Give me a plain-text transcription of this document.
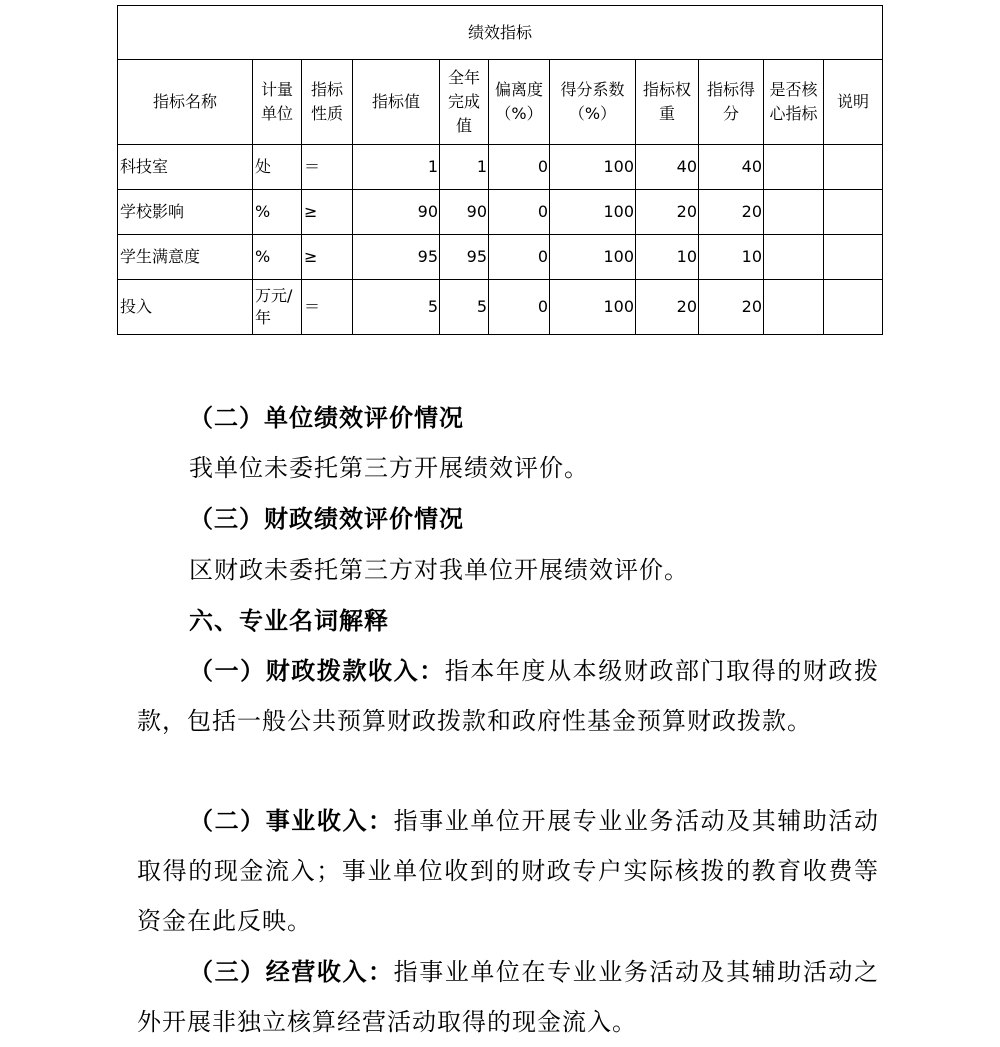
绩效指标										
指标名称	计量单位	指标性质	指标值	全年完成值	偏离度（%）	得分系数（%）	指标权重	指标得分	是否核心指标	说明
科技室	处	＝	1	1	0	100	40	40		
学校影响	%	≥	90	90	0	100	20	20		
学生满意度	%	≥	95	95	0	100	10	10		
投入	万元/年	＝	5	5	0	100	20	20		
（二）单位绩效评价情况
我单位未委托第三方开展绩效评价。
（三）财政绩效评价情况
区财政未委托第三方对我单位开展绩效评价。
六、专业名词解释
（一）财政拨款收入：指本年度从本级财政部门取得的财政拨款，包括一般公共预算财政拨款和政府性基金预算财政拨款。
（二）事业收入：指事业单位开展专业业务活动及其辅助活动取得的现金流入；事业单位收到的财政专户实际核拨的教育收费等资金在此反映。
（三）经营收入：指事业单位在专业业务活动及其辅助活动之外开展非独立核算经营活动取得的现金流入。
